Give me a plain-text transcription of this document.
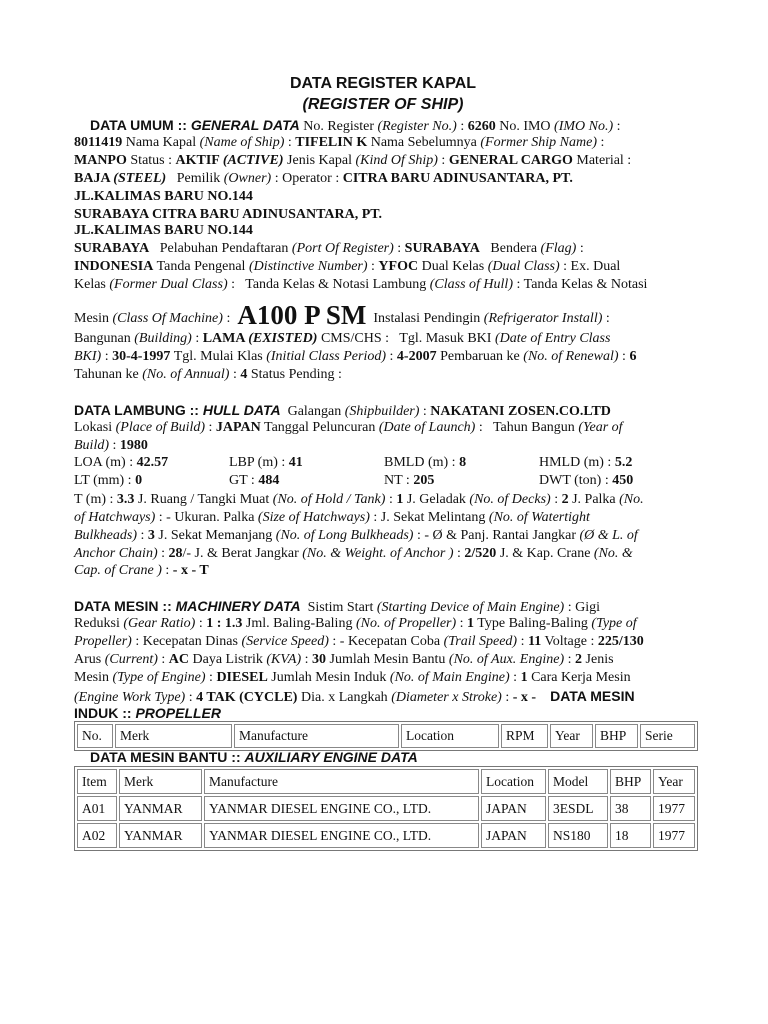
DATA REGISTER KAPAL
(REGISTER OF SHIP)
DATA UMUM :: GENERAL DATA No. Register (Register No.) : 6260 No. IMO (IMO No.) :
8011419 Nama Kapal (Name of Ship) : TIFELIN K Nama Sebelumnya (Former Ship Name) :
MANPO Status : AKTIF (ACTIVE) Jenis Kapal (Kind Of Ship) : GENERAL CARGO Material :
BAJA (STEEL) Pemilik (Owner) : Operator : CITRA BARU ADINUSANTARA, PT.
JL.KALIMAS BARU NO.144
SURABAYA CITRA BARU ADINUSANTARA, PT.
JL.KALIMAS BARU NO.144
SURABAYA Pelabuhan Pendaftaran (Port Of Register) : SURABAYA Bendera (Flag) :
INDONESIA Tanda Pengenal (Distinctive Number) : YFOC Dual Kelas (Dual Class) : Ex. Dual
Kelas (Former Dual Class) :   Tanda Kelas & Notasi Lambung (Class of Hull) : Tanda Kelas & Notasi
Mesin (Class Of Machine) :  A100 P SM Instalasi Pendingin (Refrigerator Install) :
Bangunan (Building) : LAMA (EXISTED) CMS/CHS :   Tgl. Masuk BKI (Date of Entry Class
BKI) : 30-4-1997 Tgl. Mulai Klas (Initial Class Period) : 4-2007 Pembaruan ke (No. of Renewal) : 6
Tahunan ke (No. of Annual) : 4 Status Pending :
DATA LAMBUNG :: HULL DATA Galangan (Shipbuilder) : NAKATANI ZOSEN.CO.LTD
Lokasi (Place of Build) : JAPAN Tanggal Peluncuran (Date of Launch) :   Tahun Bangun (Year of
Build) : 1980
LOA (m) : 42.57	LBP (m) : 41	BMLD (m) : 8	HMLD (m) : 5.2
LT (mm) : 0	GT : 484	NT : 205	DWT (ton) : 450
T (m) : 3.3 J. Ruang / Tangki Muat (No. of Hold / Tank) : 1 J. Geladak (No. of Decks) : 2 J. Palka (No.
of Hatchways) : - Ukuran. Palka (Size of Hatchways) : J. Sekat Melintang (No. of Watertight
Bulkheads) : 3 J. Sekat Memanjang (No. of Long Bulkheads) : - Ø & Panj. Rantai Jangkar (Ø & L. of
Anchor Chain) : 28/- J. & Berat Jangkar (No. & Weight. of Anchor ) : 2/520 J. & Kap. Crane (No. &
Cap. of Crane ) : - x - T
DATA MESIN :: MACHINERY DATA Sistim Start (Starting Device of Main Engine) : Gigi
Reduksi (Gear Ratio) : 1 : 1.3 Jml. Baling-Baling (No. of Propeller) : 1 Type Baling-Baling (Type of
Propeller) : Kecepatan Dinas (Service Speed) : - Kecepatan Coba (Trail Speed) : 11 Voltage : 225/130
Arus (Current) : AC Daya Listrik (KVA) : 30 Jumlah Mesin Bantu (No. of Aux. Engine) : 2 Jenis
Mesin (Type of Engine) : DIESEL Jumlah Mesin Induk (No. of Main Engine) : 1 Cara Kerja Mesin
(Engine Work Type) : 4 TAK (CYCLE) Dia. x Langkah (Diameter x Stroke) : - x - DATA MESIN
INDUK :: PROPELLER
No.	Merk	Manufacture	Location	RPM	Year	BHP	Serie
DATA MESIN BANTU :: AUXILIARY ENGINE DATA
Item	Merk	Manufacture	Location	Model	BHP	Year
A01	YANMAR	YANMAR DIESEL ENGINE CO., LTD.	JAPAN	3ESDL	38	1977
A02	YANMAR	YANMAR DIESEL ENGINE CO., LTD.	JAPAN	NS180	18	1977
